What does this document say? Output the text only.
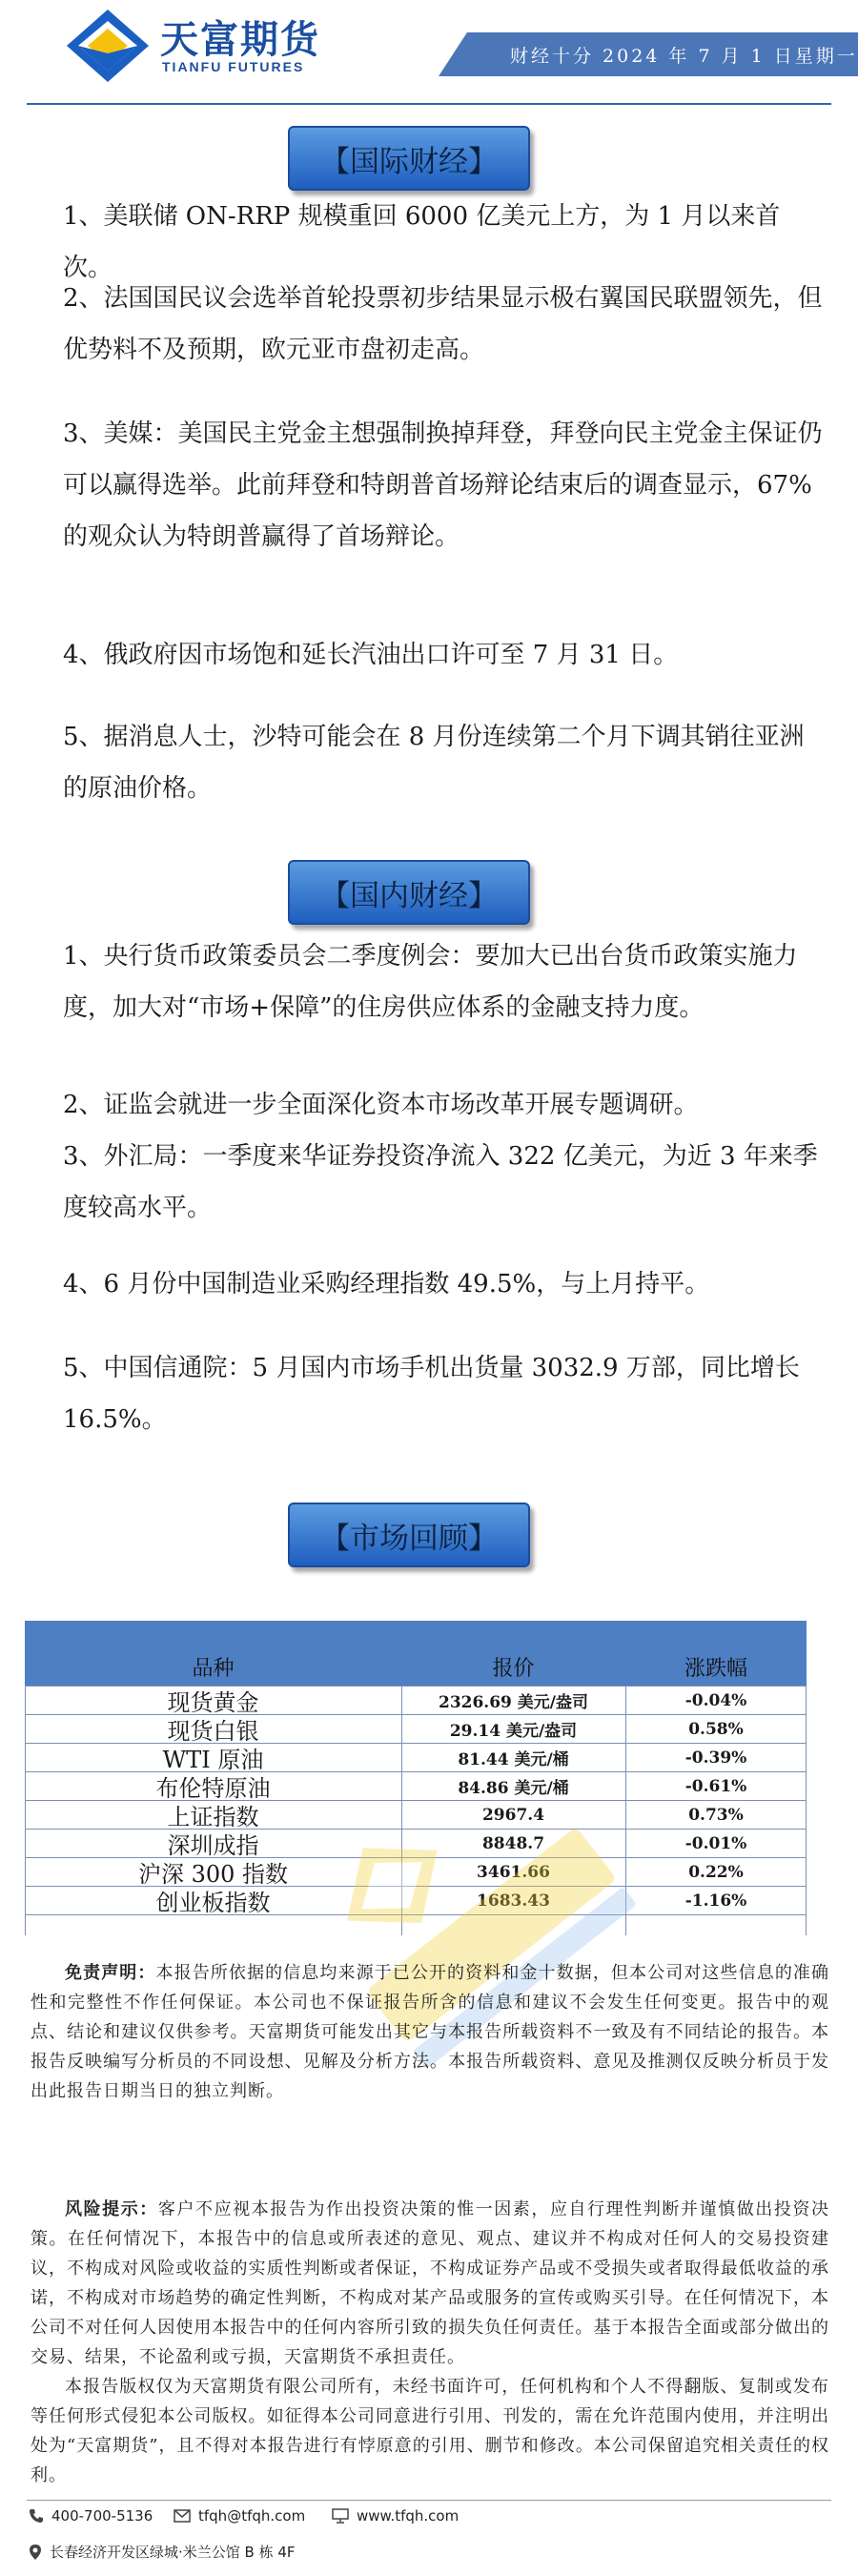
天富期货
TIANFU FUTURES	财经十分 2024 年 7 月 1 日星期一
【国际财经】
1、美联储 ON-RRP 规模重回 6000 亿美元上方，为 1 月以来首次。
2、法国国民议会选举首轮投票初步结果显示极右翼国民联盟领先，但优势料不及预期，欧元亚市盘初走高。
3、美媒：美国民主党金主想强制换掉拜登，拜登向民主党金主保证仍可以赢得选举。此前拜登和特朗普首场辩论结束后的调查显示，67%的观众认为特朗普赢得了首场辩论。
4、俄政府因市场饱和延长汽油出口许可至 7 月 31 日。
5、据消息人士，沙特可能会在 8 月份连续第二个月下调其销往亚洲的原油价格。
【国内财经】
1、央行货币政策委员会二季度例会：要加大已出台货币政策实施力度，加大对“市场+保障”的住房供应体系的金融支持力度。
2、证监会就进一步全面深化资本市场改革开展专题调研。
3、外汇局：一季度来华证券投资净流入 322 亿美元，为近 3 年来季度较高水平。
4、6 月份中国制造业采购经理指数 49.5%，与上月持平。
5、中国信通院：5 月国内市场手机出货量 3032.9 万部，同比增长 16.5%。
【市场回顾】
品种	报价	涨跌幅
现货黄金	2326.69 美元/盎司	-0.04%
现货白银	29.14 美元/盎司	0.58%
WTI 原油	81.44 美元/桶	-0.39%
布伦特原油	84.86 美元/桶	-0.61%
上证指数	2967.4	0.73%
深圳成指	8848.7	-0.01%
沪深 300 指数	3461.66	0.22%
创业板指数	1683.43	-1.16%
免责声明：本报告所依据的信息均来源于已公开的资料和金十数据，但本公司对这些信息的准确性和完整性不作任何保证。本公司也不保证报告所含的信息和建议不会发生任何变更。报告中的观点、结论和建议仅供参考。天富期货可能发出其它与本报告所载资料不一致及有不同结论的报告。本报告反映编写分析员的不同设想、见解及分析方法。本报告所载资料、意见及推测仅反映分析员于发出此报告日期当日的独立判断。
风险提示：客户不应视本报告为作出投资决策的惟一因素，应自行理性判断并谨慎做出投资决策。在任何情况下，本报告中的信息或所表述的意见、观点、建议并不构成对任何人的交易投资建议，不构成对风险或收益的实质性判断或者保证，不构成证券产品或不受损失或者取得最低收益的承诺，不构成对市场趋势的确定性判断，不构成对某产品或服务的宣传或购买引导。在任何情况下，本公司不对任何人因使用本报告中的任何内容所引致的损失负任何责任。基于本报告全面或部分做出的交易、结果，不论盈利或亏损，天富期货不承担责任。
本报告版权仅为天富期货有限公司所有，未经书面许可，任何机构和个人不得翻版、复制或发布等任何形式侵犯本公司版权。如征得本公司同意进行引用、刊发的，需在允许范围内使用，并注明出处为“天富期货”，且不得对本报告进行有悖原意的引用、删节和修改。本公司保留追究相关责任的权利。
400-700-5136	tfqh@tfqh.com	www.tfqh.com
长春经济开发区绿城·米兰公馆 B 栋 4F
